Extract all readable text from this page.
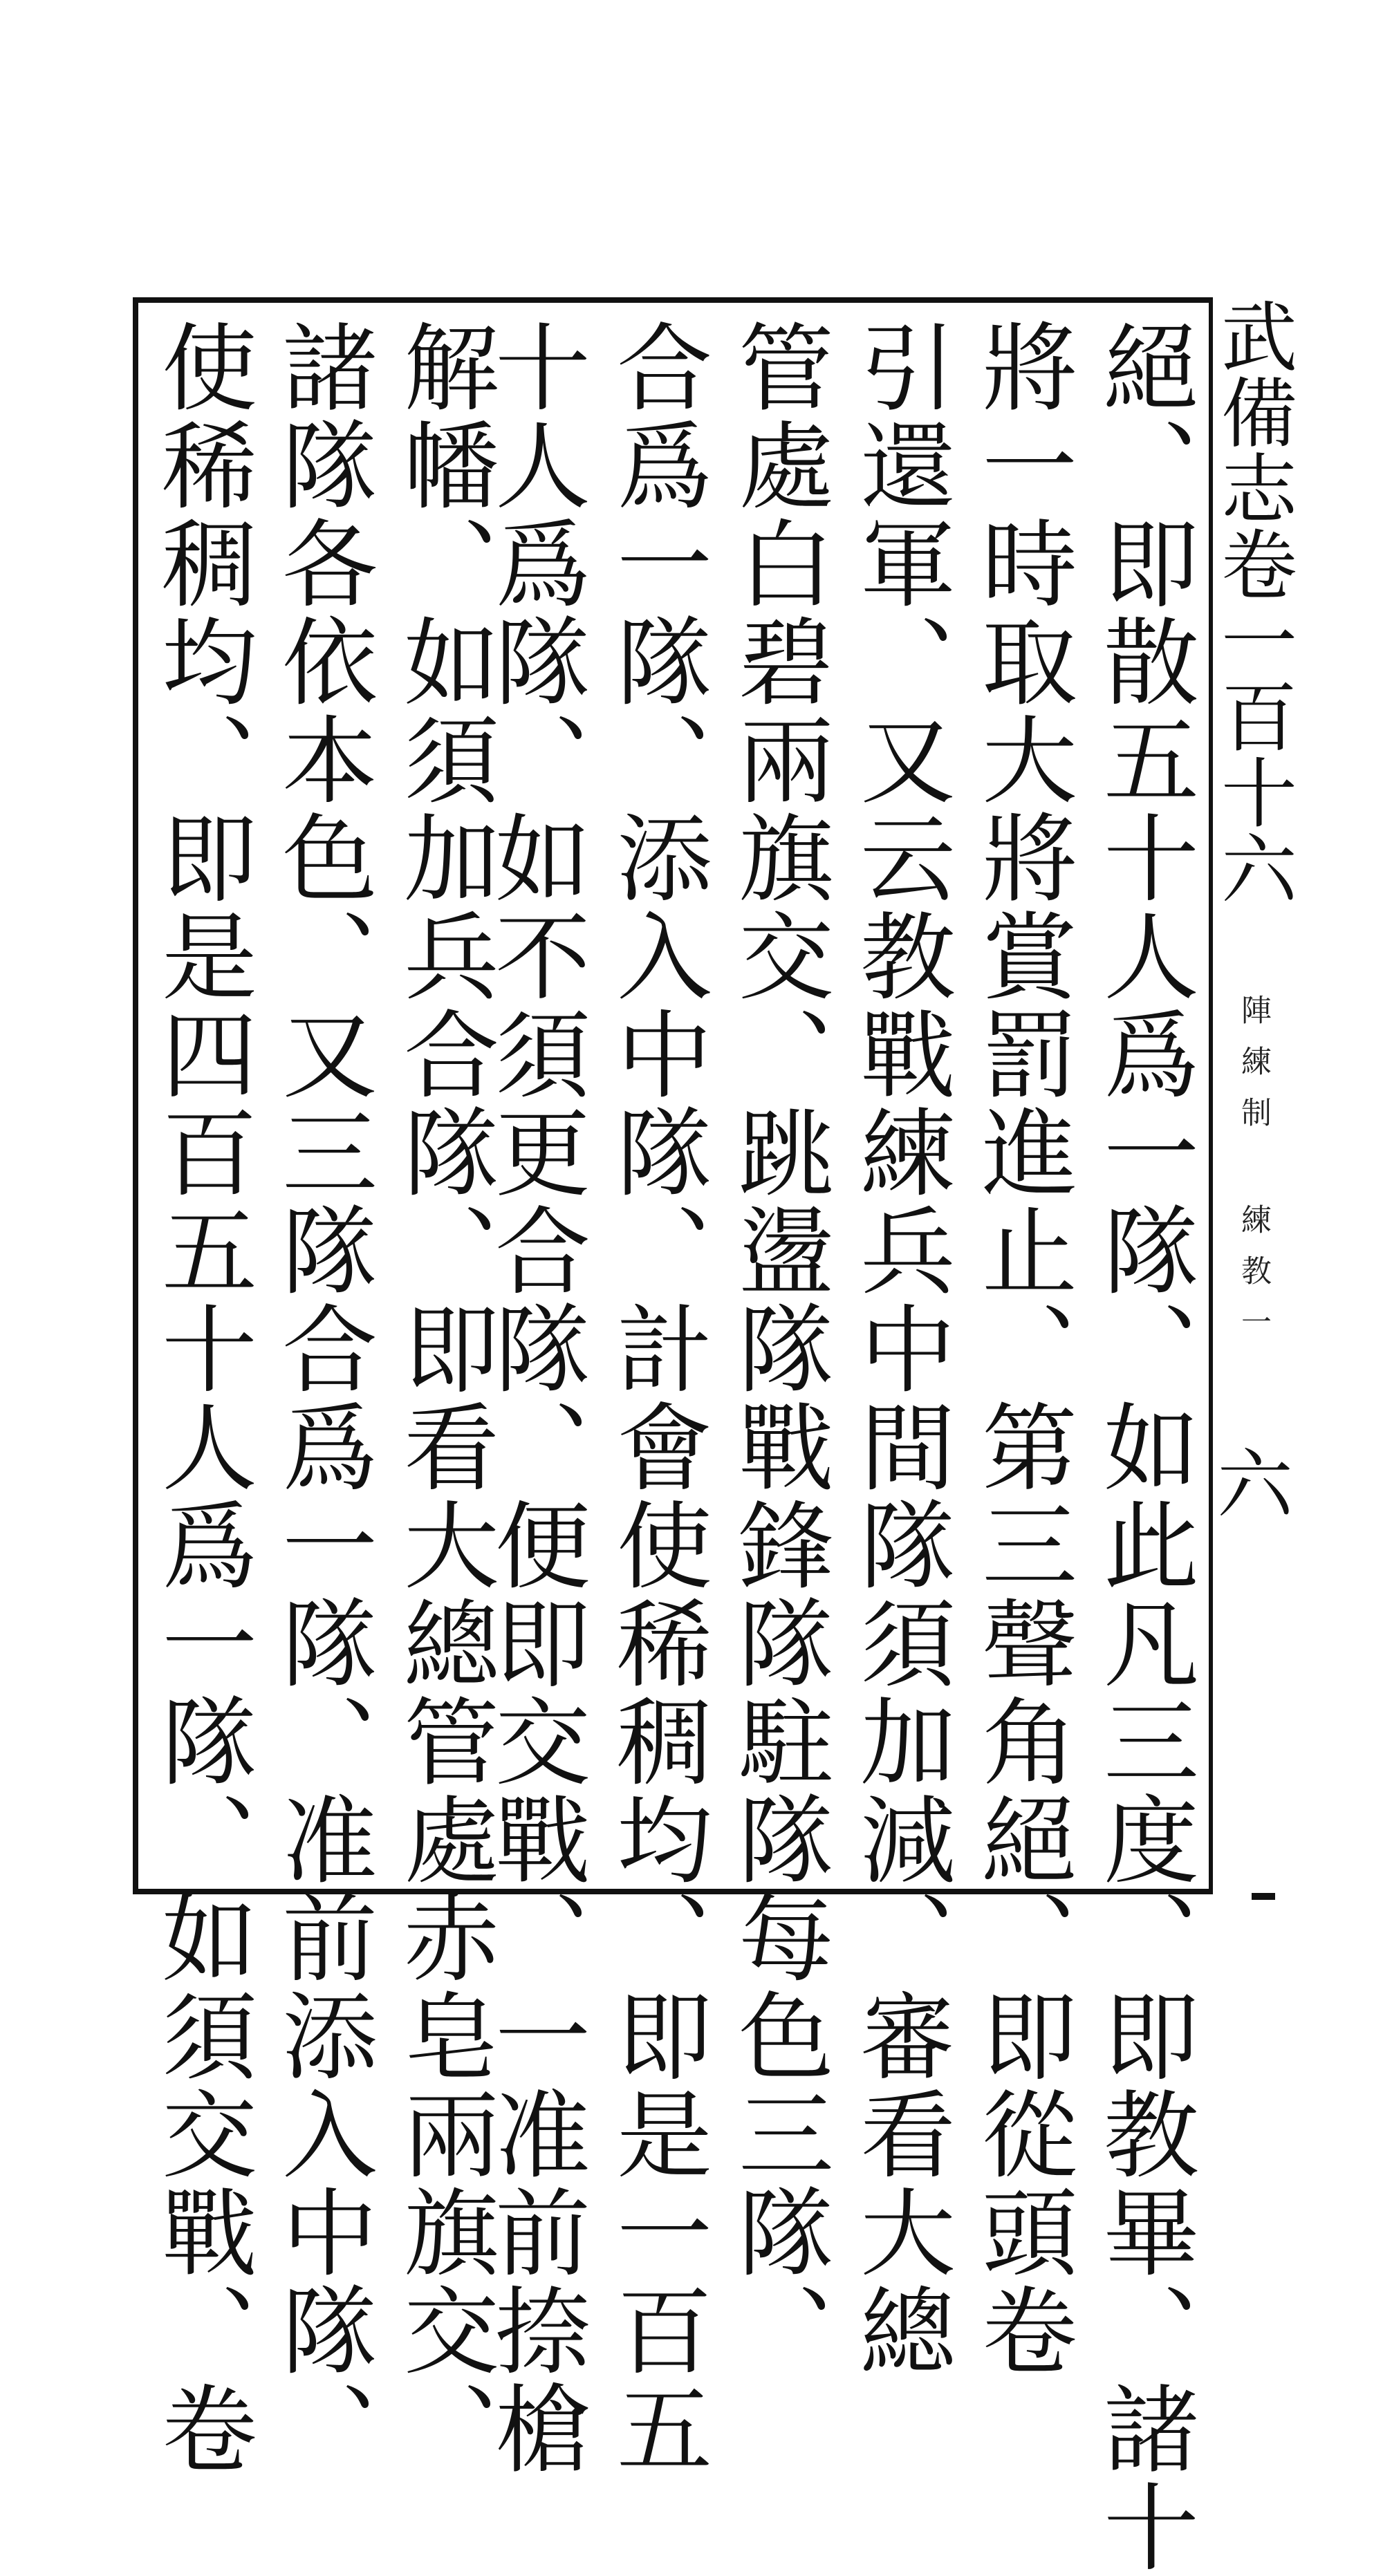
武備志卷一百十六 陣練制 練教一
六
絕、即散五十人爲一隊、如此凡三度、即教畢、諸十
將一時取大將賞罰進止、第三聲角絕、即從頭卷
引還軍、又云教戰練兵中間隊須加減、審看大總
管處白碧兩旗交、跳盪隊戰鋒隊駐隊每色三隊、
合爲一隊、添入中隊、計會使稀稠均、即是一百五
十人爲隊、如不須更合隊、便即交戰、一准前捺槍
解幡、如須加兵合隊、即看大總管處赤皂兩旗交、
諸隊各依本色、又三隊合爲一隊、准前添入中隊、
使稀稠均、即是四百五十人爲一隊、如須交戰、卷
